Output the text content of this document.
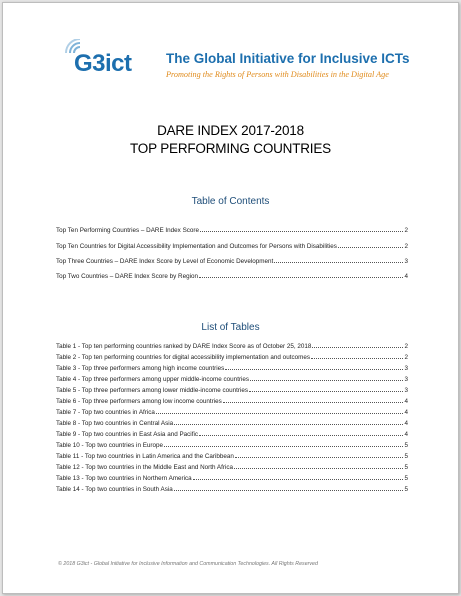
G3ict	The Global Initiative for Inclusive ICTs
Promoting the Rights of Persons with Disabilities in the Digital Age
DARE INDEX 2017-2018
TOP PERFORMING COUNTRIES
Table of Contents
Top Ten Performing Countries – DARE Index Score	2
Top Ten Countries for Digital Accessibility Implementation and Outcomes for Persons with Disabilities	2
Top Three Countries – DARE Index Score by Level of Economic Development	3
Top Two Countries – DARE Index Score by Region	4
List of Tables
Table 1 - Top ten performing countries ranked by DARE Index Score as of October 25, 2018	2
Table 2 - Top ten performing countries for digital accessibility implementation and outcomes	2
Table 3 - Top three performers among high income countries	3
Table 4 - Top three performers among upper middle-income countries	3
Table 5 - Top three performers among lower middle-income countries	3
Table 6 - Top three performers among low income countries	4
Table 7 - Top two countries in Africa	4
Table 8 - Top two countries in Central Asia	4
Table 9 - Top two countries in East Asia and Pacific	4
Table 10 - Top two countries in Europe	5
Table 11 - Top two countries in Latin America and the Caribbean	5
Table 12 - Top two countries in the Middle East and North Africa	5
Table 13 - Top two countries in Northern America	5
Table 14 - Top two countries in South Asia	5
© 2018 G3ict - Global Initiative for Inclusive Information and Communication Technologies. All Rights Reserved
